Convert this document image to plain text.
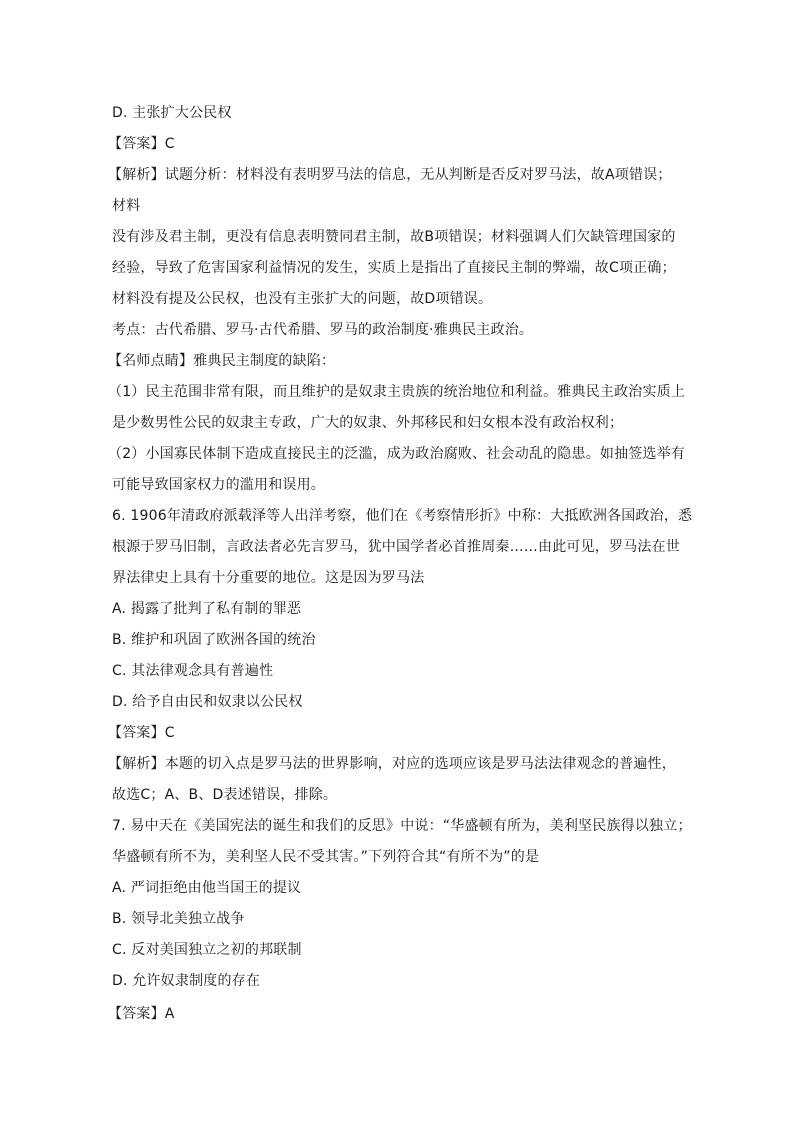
D. 主张扩大公民权
【答案】C
【解析】试题分析：材料没有表明罗马法的信息，无从判断是否反对罗马法，故A项错误；
材料
没有涉及君主制，更没有信息表明赞同君主制，故B项错误；材料强调人们欠缺管理国家的
经验，导致了危害国家利益情况的发生，实质上是指出了直接民主制的弊端，故C项正确；
材料没有提及公民权，也没有主张扩大的问题，故D项错误。
考点：古代希腊、罗马·古代希腊、罗马的政治制度·雅典民主政治。
【名师点睛】雅典民主制度的缺陷：
（1）民主范围非常有限，而且维护的是奴隶主贵族的统治地位和利益。雅典民主政治实质上
是少数男性公民的奴隶主专政，广大的奴隶、外邦移民和妇女根本没有政治权利；
（2）小国寡民体制下造成直接民主的泛滥，成为政治腐败、社会动乱的隐患。如抽签选举有
可能导致国家权力的滥用和误用。
6. 1906年清政府派载泽等人出洋考察，他们在《考察情形折》中称：大抵欧洲各国政治，悉
根源于罗马旧制，言政法者必先言罗马，犹中国学者必首推周秦……由此可见，罗马法在世
界法律史上具有十分重要的地位。这是因为罗马法
A. 揭露了批判了私有制的罪恶
B. 维护和巩固了欧洲各国的统治
C. 其法律观念具有普遍性
D. 给予自由民和奴隶以公民权
【答案】C
【解析】本题的切入点是罗马法的世界影响，对应的选项应该是罗马法法律观念的普遍性，
故选C；A、B、D表述错误，排除。
7. 易中天在《美国宪法的诞生和我们的反思》中说：“华盛顿有所为，美利坚民族得以独立；
华盛顿有所不为，美利坚人民不受其害。”下列符合其“有所不为”的是
A. 严词拒绝由他当国王的提议
B. 领导北美独立战争
C. 反对美国独立之初的邦联制
D. 允许奴隶制度的存在
【答案】A
